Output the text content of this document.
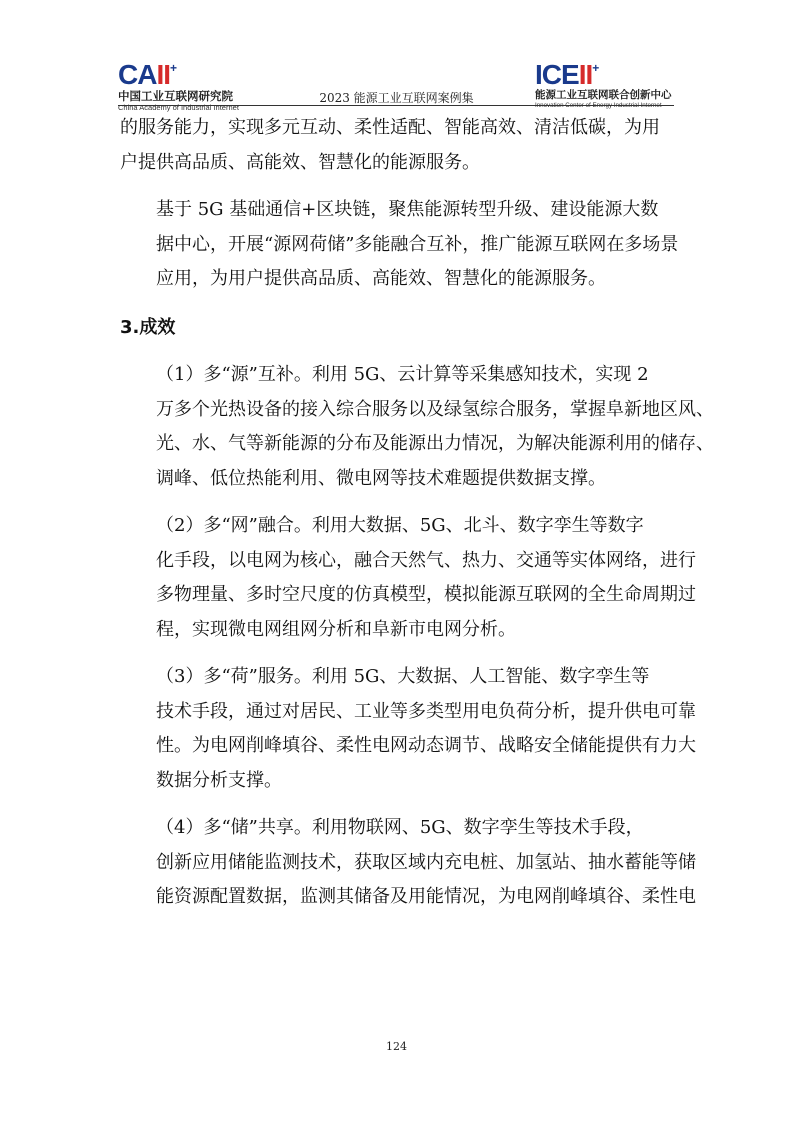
CAII+
中国工业互联网研究院
China Academy of Industrial Internet
2023 能源工业互联网案例集
ICEII+
能源工业互联网联合创新中心
Innovation Center of Energy Industrial Internet

的服务能力，实现多元互动、柔性适配、智能高效、清洁低碳，为用
户提供高品质、高能效、智慧化的能源服务。

基于 5G 基础通信+区块链，聚焦能源转型升级、建设能源大数
据中心，开展“源网荷储”多能融合互补，推广能源互联网在多场景
应用，为用户提供高品质、高能效、智慧化的能源服务。

3.成效

（1）多“源”互补。利用 5G、云计算等采集感知技术，实现 2
万多个光热设备的接入综合服务以及绿氢综合服务，掌握阜新地区风、
光、水、气等新能源的分布及能源出力情况，为解决能源利用的储存、
调峰、低位热能利用、微电网等技术难题提供数据支撑。

（2）多“网”融合。利用大数据、5G、北斗、数字孪生等数字
化手段，以电网为核心，融合天然气、热力、交通等实体网络，进行
多物理量、多时空尺度的仿真模型，模拟能源互联网的全生命周期过
程，实现微电网组网分析和阜新市电网分析。

（3）多“荷”服务。利用 5G、大数据、人工智能、数字孪生等
技术手段，通过对居民、工业等多类型用电负荷分析，提升供电可靠
性。为电网削峰填谷、柔性电网动态调节、战略安全储能提供有力大
数据分析支撑。

（4）多“储”共享。利用物联网、5G、数字孪生等技术手段，
创新应用储能监测技术，获取区域内充电桩、加氢站、抽水蓄能等储
能资源配置数据，监测其储备及用能情况，为电网削峰填谷、柔性电

124
